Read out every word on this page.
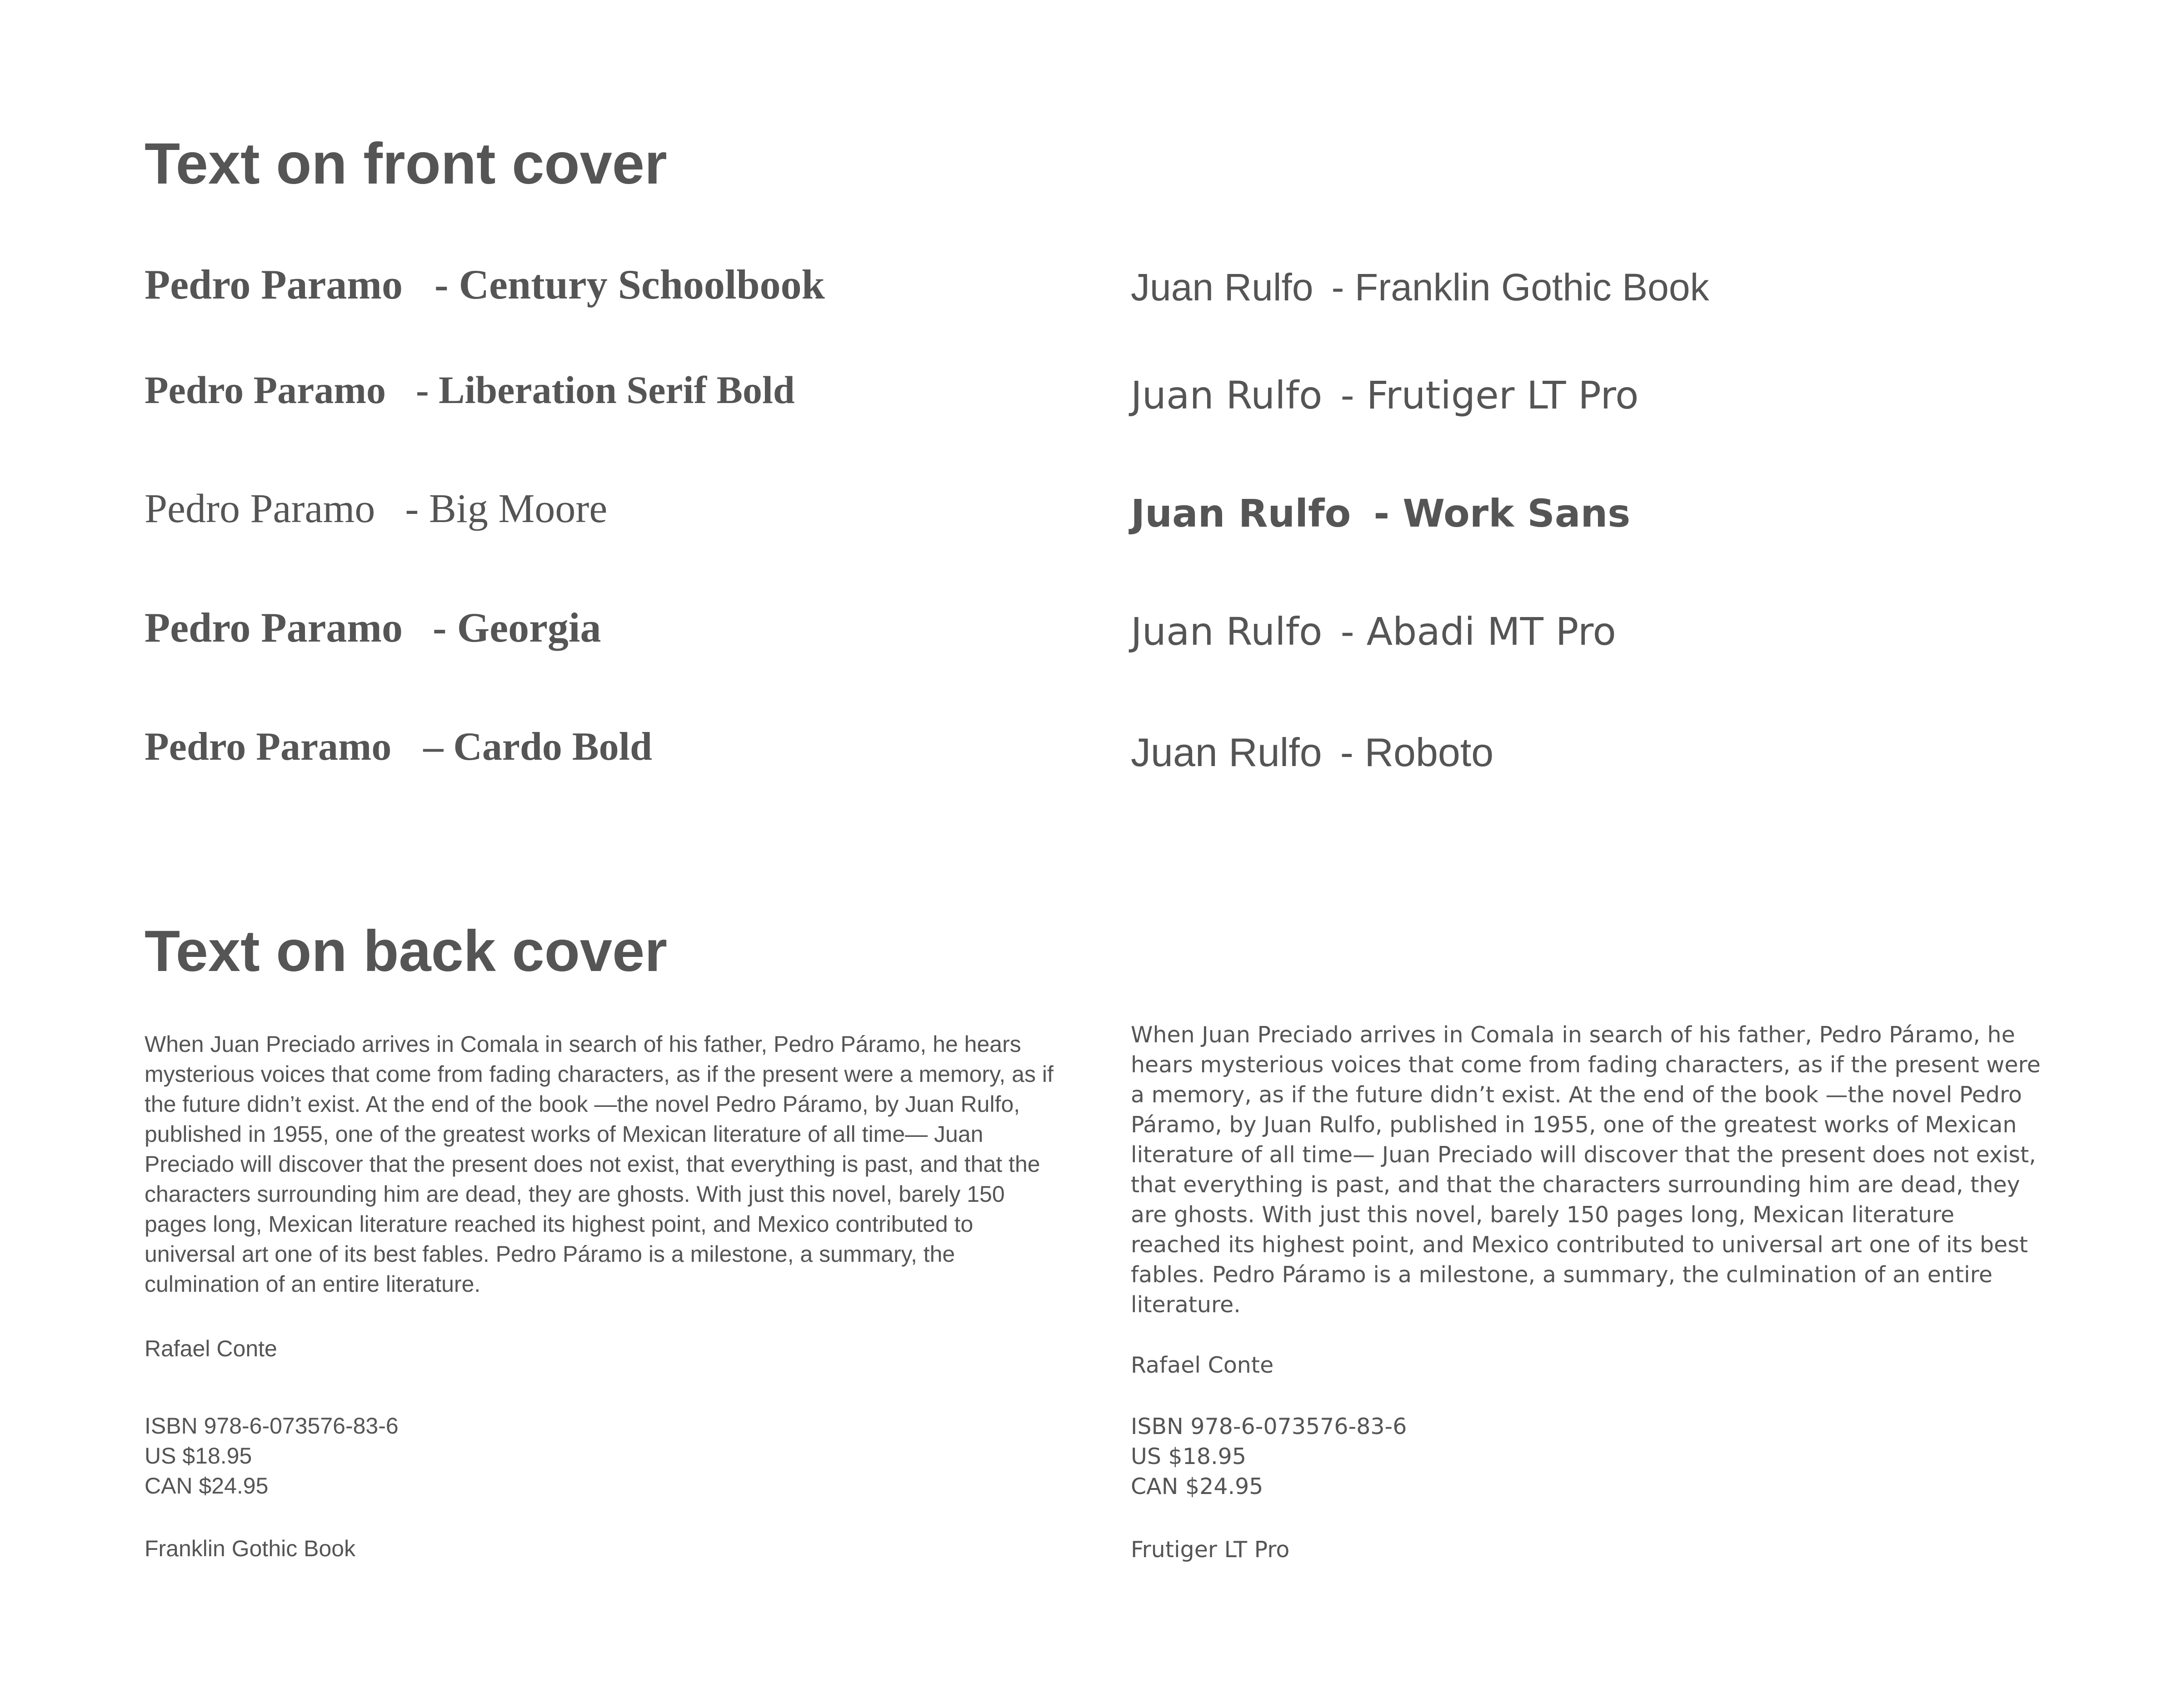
Text on front cover
Pedro Paramo - Century Schoolbook
Pedro Paramo - Liberation Serif Bold
Pedro Paramo - Big Moore
Pedro Paramo - Georgia
Pedro Paramo – Cardo Bold
Juan Rulfo - Franklin Gothic Book
Juan Rulfo - Frutiger LT Pro
Juan Rulfo - Work Sans
Juan Rulfo - Abadi MT Pro
Juan Rulfo - Roboto
Text on back cover
When Juan Preciado arrives in Comala in search of his father, Pedro Páramo, he hears mysterious voices that come from fading characters, as if the present were a memory, as if the future didn’t exist. At the end of the book —the novel Pedro Páramo, by Juan Rulfo, published in 1955, one of the greatest works of Mexican literature of all time— Juan Preciado will discover that the present does not exist, that everything is past, and that the characters surrounding him are dead, they are ghosts. With just this novel, barely 150 pages long, Mexican literature reached its highest point, and Mexico contributed to universal art one of its best fables. Pedro Páramo is a milestone, a summary, the culmination of an entire literature.
Rafael Conte
ISBN 978-6-073576-83-6
US $18.95
CAN $24.95
Franklin Gothic Book
When Juan Preciado arrives in Comala in search of his father, Pedro Páramo, he hears mysterious voices that come from fading characters, as if the present were a memory, as if the future didn’t exist. At the end of the book —the novel Pedro Páramo, by Juan Rulfo, published in 1955, one of the greatest works of Mexican literature of all time— Juan Preciado will discover that the present does not exist, that everything is past, and that the characters surrounding him are dead, they are ghosts. With just this novel, barely 150 pages long, Mexican literature reached its highest point, and Mexico contributed to universal art one of its best fables. Pedro Páramo is a milestone, a summary, the culmination of an entire literature.
Rafael Conte
ISBN 978-6-073576-83-6
US $18.95
CAN $24.95
Frutiger LT Pro
